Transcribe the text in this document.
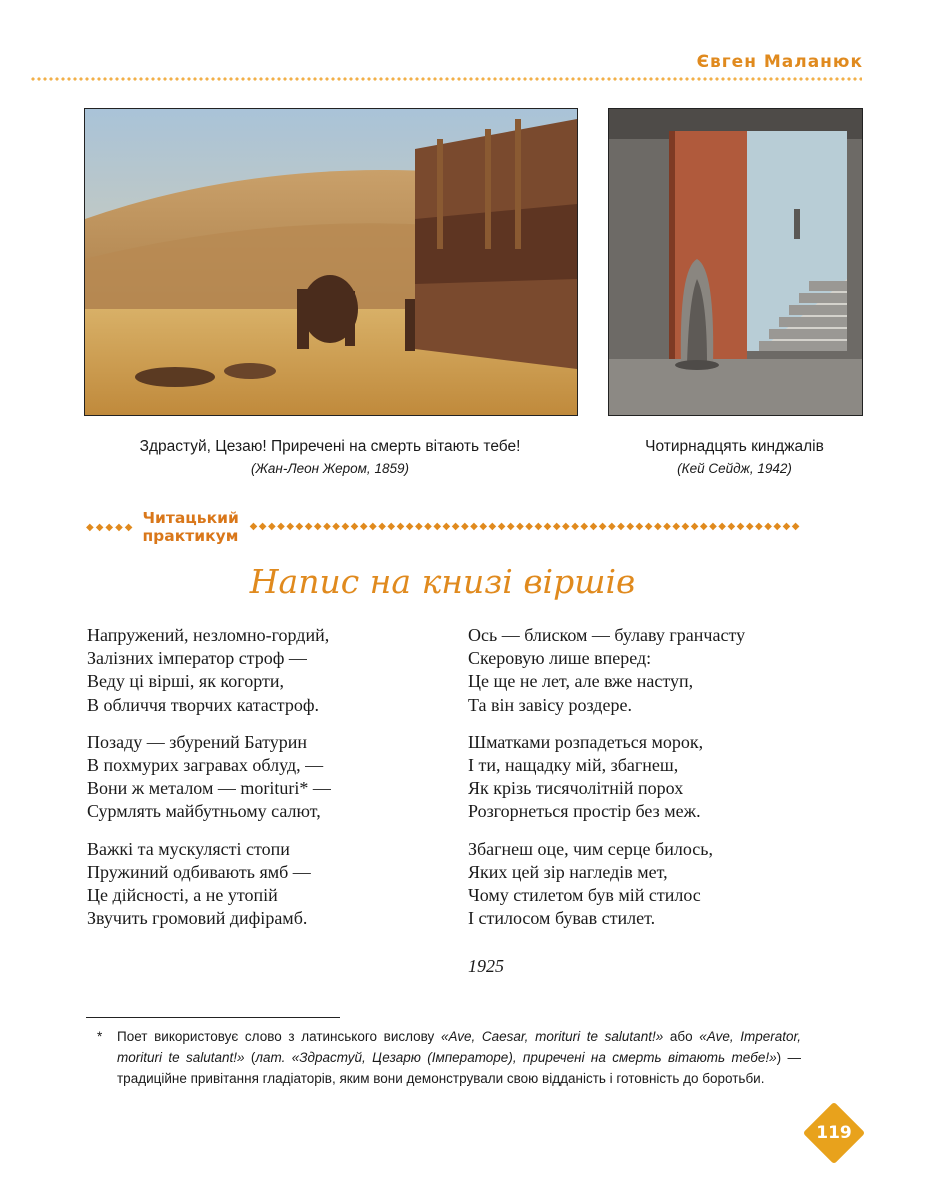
Євген Маланюк
Здрастуй, Цезаю! Приречені на смерть вітають тебе!
(Жан-Леон Жером, 1859)
Чотирнадцять кинджалів
(Кей Сейдж, 1942)
◆◆◆◆◆ Читацький практикум
◆◆◆◆◆◆◆◆◆◆◆◆◆◆◆◆◆◆◆◆◆◆◆◆◆◆◆◆◆◆◆◆◆◆◆◆◆◆◆◆◆◆◆◆◆◆◆◆◆◆◆◆◆◆◆◆◆◆◆◆
Напис на книзі віршів
Напружений, незломно-гордий,
Залізних імператор строф —
Веду ці вірші, як когорти,
В обличчя творчих катастроф.
Позаду — збурений Батурин
В похмурих загравах облуд, —
Вони ж металом — morituri* —
Сурмлять майбутньому салют,
Важкі та мускулясті стопи
Пружиний одбивають ямб —
Це дійсності, а не утопій
Звучить громовий дифірамб.
Ось — блиском — булаву гранчасту
Скеровую лише вперед:
Це ще не лет, але вже наступ,
Та він завісу роздере.
Шматками розпадеться морок,
І ти, нащадку мій, збагнеш,
Як крізь тисячолітній порох
Розгорнеться простір без меж.
Збагнеш оце, чим серце билось,
Яких цей зір нагледів мет,
Чому стилетом був мій стилос
І стилосом бував стилет.
1925
* Поет використовує слово з латинського вислову «Ave, Caesar, morituri te salutant!» або «Ave, Imperator, morituri te salutant!» (лат. «Здрастуй, Цезарю (Імператоре), приречені на смерть вітають тебе!») — традиційне привітання гладіаторів, яким вони демонстрували свою відданість і готовність до боротьби.
119
